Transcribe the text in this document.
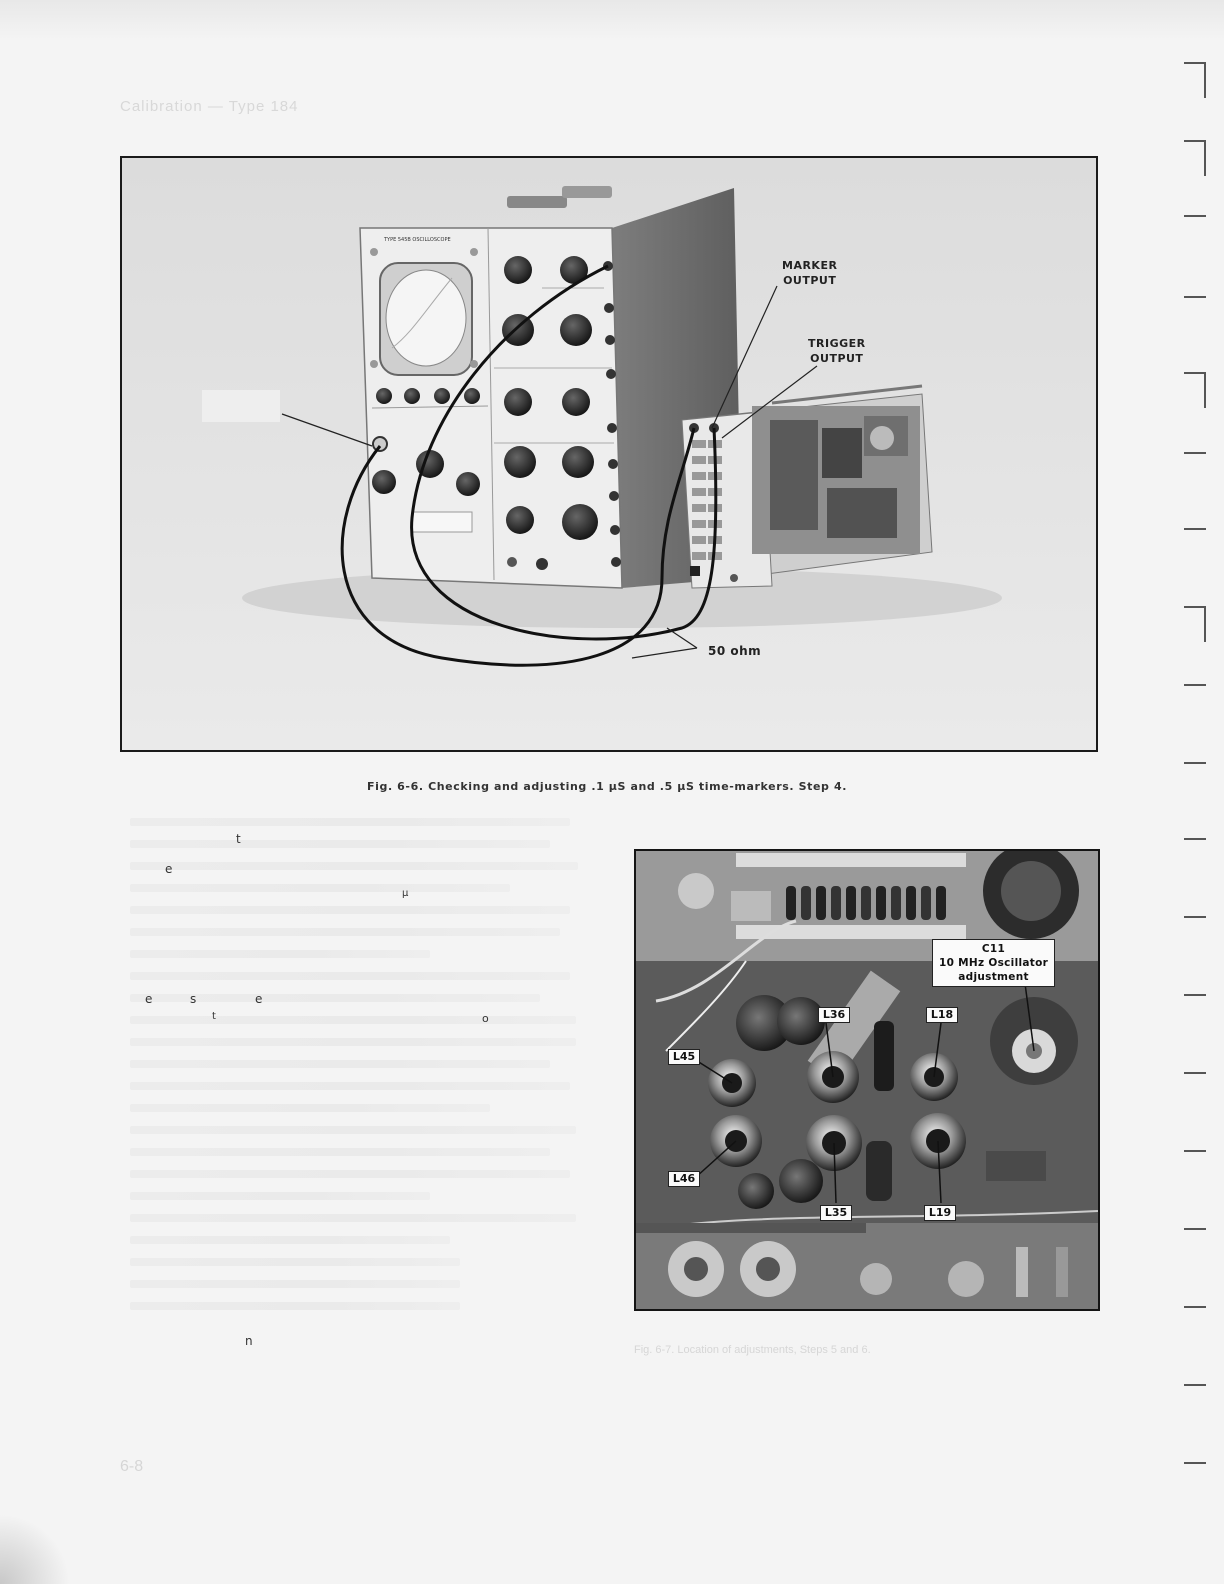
Calibration — Type 184
TYPE 545B OSCILLOSCOPE
MARKER
OUTPUT
TRIGGER
OUTPUT
50 ohm
Fig. 6-6. Checking and adjusting .1 µS and .5 µS time-markers. Step 4.
t
e
µ
e	s	e
t	o
n
C11
10 MHz Oscillator
adjustment
L36	L18
L45
L46
L35	L19
Fig. 6-7. Location of adjustments, Steps 5 and 6.
6-8
